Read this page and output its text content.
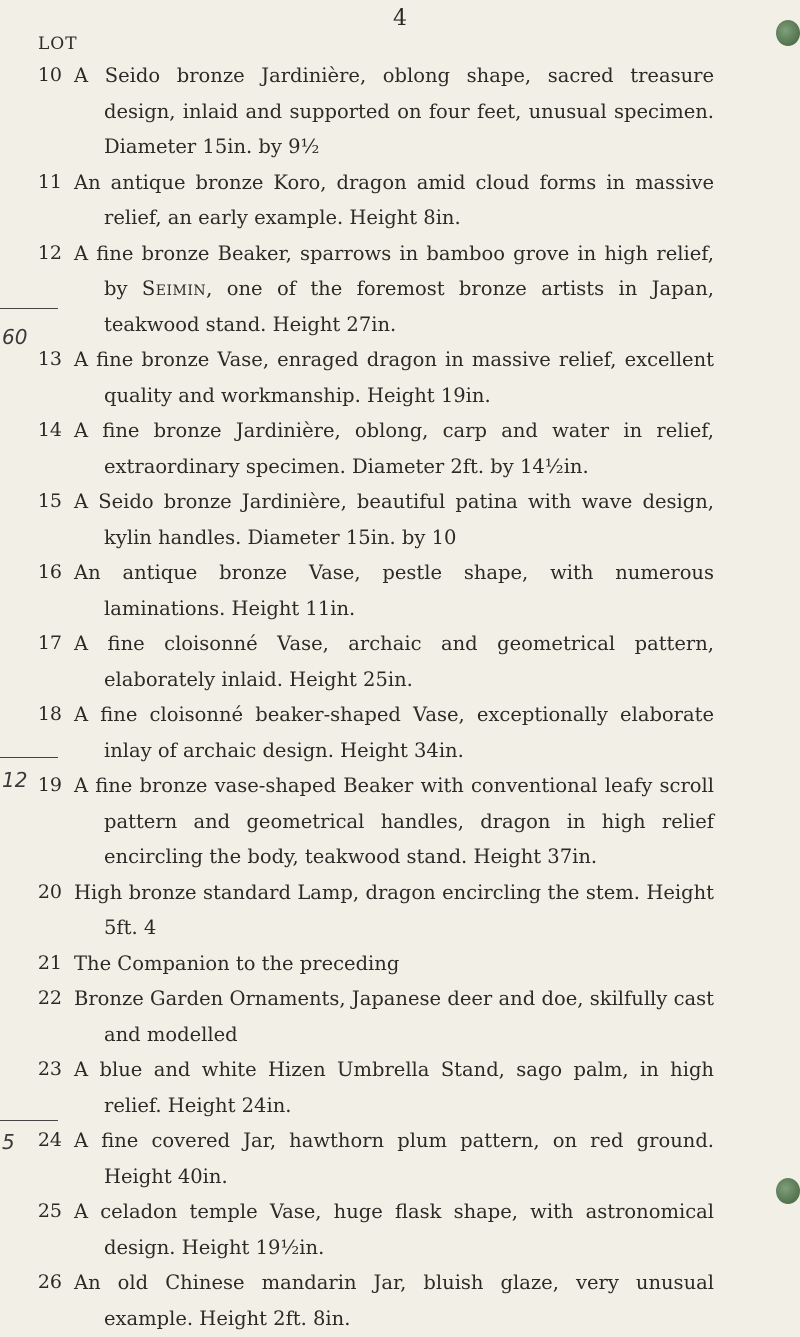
4
LOT
60
12
5
10 A Seido bronze Jardinière, oblong shape, sacred treasure design, inlaid and supported on four feet, unusual specimen. Diameter 15in. by 9½
11 An antique bronze Koro, dragon amid cloud forms in massive relief, an early example. Height 8in.
12 A fine bronze Beaker, sparrows in bamboo grove in high relief, by Seimin, one of the foremost bronze artists in Japan, teakwood stand. Height 27in.
13 A fine bronze Vase, enraged dragon in massive relief, excellent quality and workmanship. Height 19in.
14 A fine bronze Jardinière, oblong, carp and water in relief, extraordinary specimen. Diameter 2ft. by 14½in.
15 A Seido bronze Jardinière, beautiful patina with wave design, kylin handles. Diameter 15in. by 10
16 An antique bronze Vase, pestle shape, with numerous laminations. Height 11in.
17 A fine cloisonné Vase, archaic and geometrical pattern, elaborately inlaid. Height 25in.
18 A fine cloisonné beaker-shaped Vase, exceptionally elaborate inlay of archaic design. Height 34in.
19 A fine bronze vase-shaped Beaker with conventional leafy scroll pattern and geometrical handles, dragon in high relief encircling the body, teakwood stand. Height 37in.
20 High bronze standard Lamp, dragon encircling the stem. Height 5ft. 4
21 The Companion to the preceding
22 Bronze Garden Ornaments, Japanese deer and doe, skilfully cast and modelled
23 A blue and white Hizen Umbrella Stand, sago palm, in high relief. Height 24in.
24 A fine covered Jar, hawthorn plum pattern, on red ground. Height 40in.
25 A celadon temple Vase, huge flask shape, with astronomical design. Height 19½in.
26 An old Chinese mandarin Jar, bluish glaze, very unusual example. Height 2ft. 8in.
